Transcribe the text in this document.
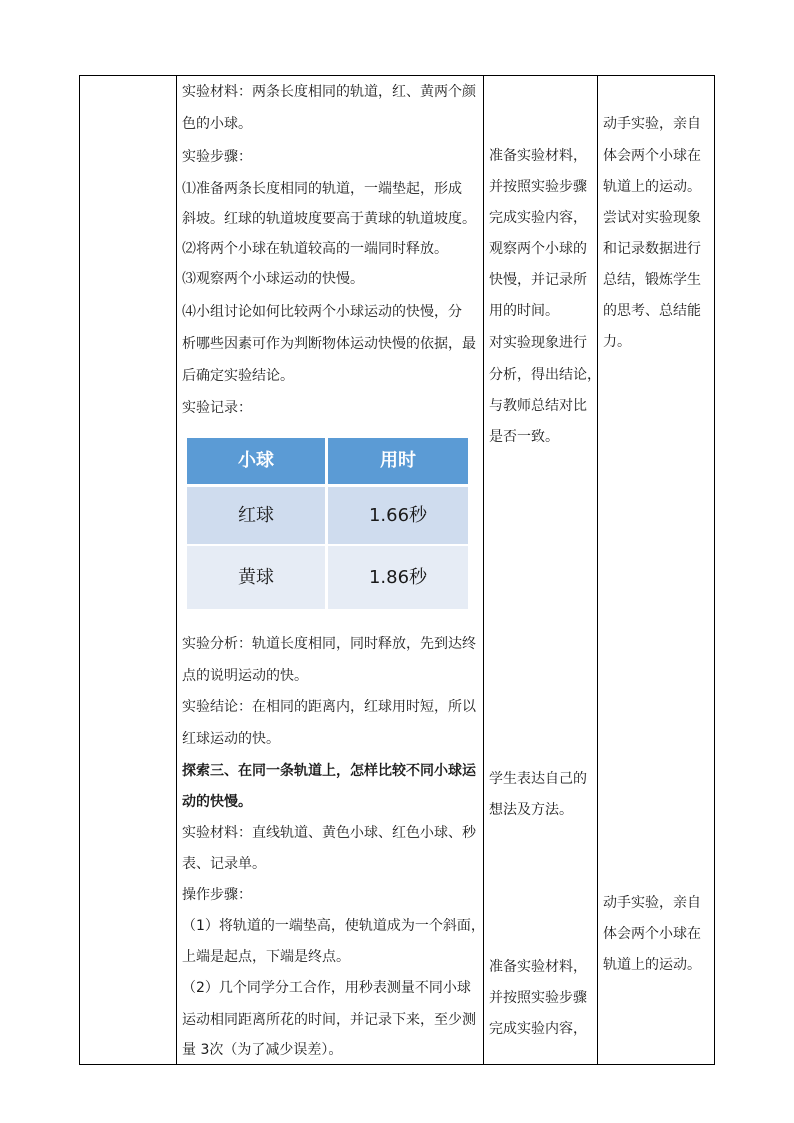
实验材料：两条长度相同的轨道，红、黄两个颜
色的小球。
实验步骤：
⑴准备两条长度相同的轨道，一端垫起，形成
斜坡。红球的轨道坡度要高于黄球的轨道坡度。
⑵将两个小球在轨道较高的一端同时释放。
⑶观察两个小球运动的快慢。
⑷小组讨论如何比较两个小球运动的快慢，分
析哪些因素可作为判断物体运动快慢的依据，最
后确定实验结论。
实验记录：
小球	用时
红球	1.66秒
黄球	1.86秒
实验分析：轨道长度相同，同时释放，先到达终
点的说明运动的快。
实验结论：在相同的距离内，红球用时短，所以
红球运动的快。
探索三、在同一条轨道上，怎样比较不同小球运
动的快慢。
实验材料：直线轨道、黄色小球、红色小球、秒
表、记录单。
操作步骤：
（1）将轨道的一端垫高，使轨道成为一个斜面，
上端是起点，下端是终点。
（2）几个同学分工合作，用秒表测量不同小球
运动相同距离所花的时间，并记录下来，至少测
量 3次（为了减少误差）。
准备实验材料，
并按照实验步骤
完成实验内容，
观察两个小球的
快慢，并记录所
用的时间。
对实验现象进行
分析，得出结论，
与教师总结对比
是否一致。
学生表达自己的
想法及方法。
准备实验材料，
并按照实验步骤
完成实验内容，
动手实验，亲自
体会两个小球在
轨道上的运动。
尝试对实验现象
和记录数据进行
总结，锻炼学生
的思考、总结能
力。
动手实验，亲自
体会两个小球在
轨道上的运动。
